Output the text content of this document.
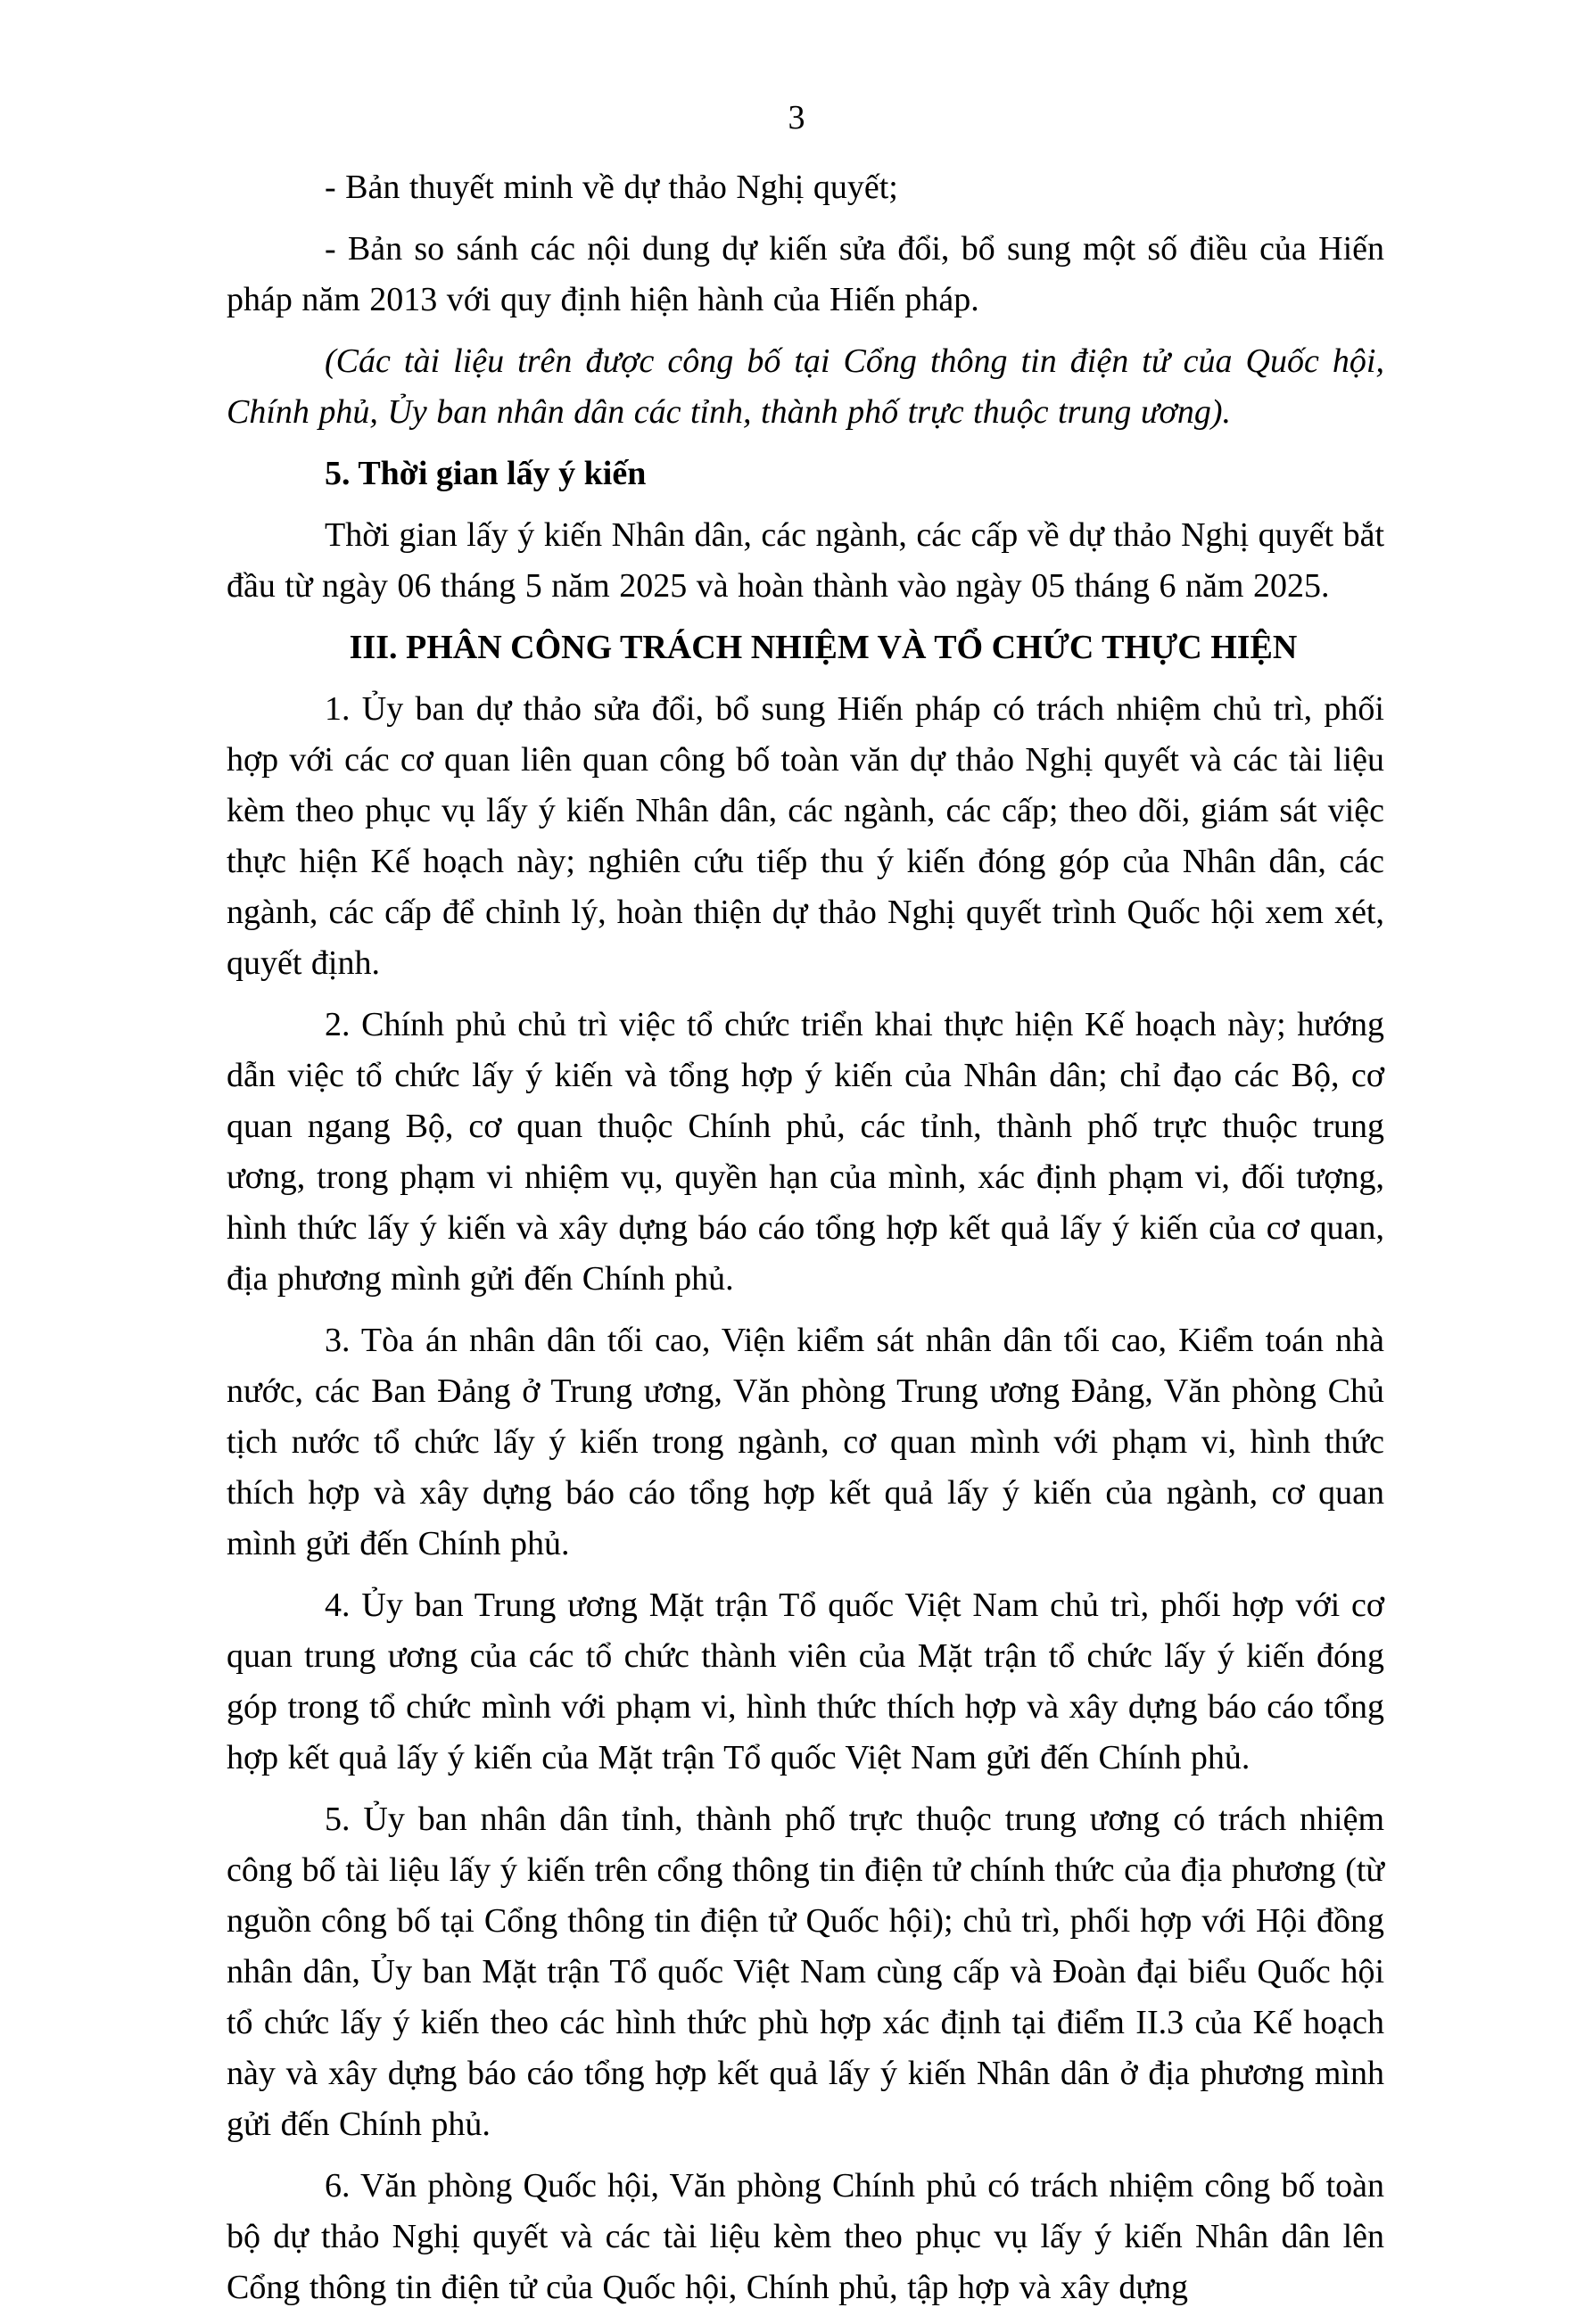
3

- Bản thuyết minh về dự thảo Nghị quyết;

- Bản so sánh các nội dung dự kiến sửa đổi, bổ sung một số điều của Hiến pháp năm 2013 với quy định hiện hành của Hiến pháp.

(Các tài liệu trên được công bố tại Cổng thông tin điện tử của Quốc hội, Chính phủ, Ủy ban nhân dân các tỉnh, thành phố trực thuộc trung ương).

5. Thời gian lấy ý kiến

Thời gian lấy ý kiến Nhân dân, các ngành, các cấp về dự thảo Nghị quyết bắt đầu từ ngày 06 tháng 5 năm 2025 và hoàn thành vào ngày 05 tháng 6 năm 2025.

III. PHÂN CÔNG TRÁCH NHIỆM VÀ TỔ CHỨC THỰC HIỆN

1. Ủy ban dự thảo sửa đổi, bổ sung Hiến pháp có trách nhiệm chủ trì, phối hợp với các cơ quan liên quan công bố toàn văn dự thảo Nghị quyết và các tài liệu kèm theo phục vụ lấy ý kiến Nhân dân, các ngành, các cấp; theo dõi, giám sát việc thực hiện Kế hoạch này; nghiên cứu tiếp thu ý kiến đóng góp của Nhân dân, các ngành, các cấp để chỉnh lý, hoàn thiện dự thảo Nghị quyết trình Quốc hội xem xét, quyết định.

2. Chính phủ chủ trì việc tổ chức triển khai thực hiện Kế hoạch này; hướng dẫn việc tổ chức lấy ý kiến và tổng hợp ý kiến của Nhân dân; chỉ đạo các Bộ, cơ quan ngang Bộ, cơ quan thuộc Chính phủ, các tỉnh, thành phố trực thuộc trung ương, trong phạm vi nhiệm vụ, quyền hạn của mình, xác định phạm vi, đối tượng, hình thức lấy ý kiến và xây dựng báo cáo tổng hợp kết quả lấy ý kiến của cơ quan, địa phương mình gửi đến Chính phủ.

3. Tòa án nhân dân tối cao, Viện kiểm sát nhân dân tối cao, Kiểm toán nhà nước, các Ban Đảng ở Trung ương, Văn phòng Trung ương Đảng, Văn phòng Chủ tịch nước tổ chức lấy ý kiến trong ngành, cơ quan mình với phạm vi, hình thức thích hợp và xây dựng báo cáo tổng hợp kết quả lấy ý kiến của ngành, cơ quan mình gửi đến Chính phủ.

4. Ủy ban Trung ương Mặt trận Tổ quốc Việt Nam chủ trì, phối hợp với cơ quan trung ương của các tổ chức thành viên của Mặt trận tổ chức lấy ý kiến đóng góp trong tổ chức mình với phạm vi, hình thức thích hợp và xây dựng báo cáo tổng hợp kết quả lấy ý kiến của Mặt trận Tổ quốc Việt Nam gửi đến Chính phủ.

5. Ủy ban nhân dân tỉnh, thành phố trực thuộc trung ương có trách nhiệm công bố tài liệu lấy ý kiến trên cổng thông tin điện tử chính thức của địa phương (từ nguồn công bố tại Cổng thông tin điện tử Quốc hội); chủ trì, phối hợp với Hội đồng nhân dân, Ủy ban Mặt trận Tổ quốc Việt Nam cùng cấp và Đoàn đại biểu Quốc hội tổ chức lấy ý kiến theo các hình thức phù hợp xác định tại điểm II.3 của Kế hoạch này và xây dựng báo cáo tổng hợp kết quả lấy ý kiến Nhân dân ở địa phương mình gửi đến Chính phủ.

6. Văn phòng Quốc hội, Văn phòng Chính phủ có trách nhiệm công bố toàn bộ dự thảo Nghị quyết và các tài liệu kèm theo phục vụ lấy ý kiến Nhân dân lên Cổng thông tin điện tử của Quốc hội, Chính phủ, tập hợp và xây dựng
